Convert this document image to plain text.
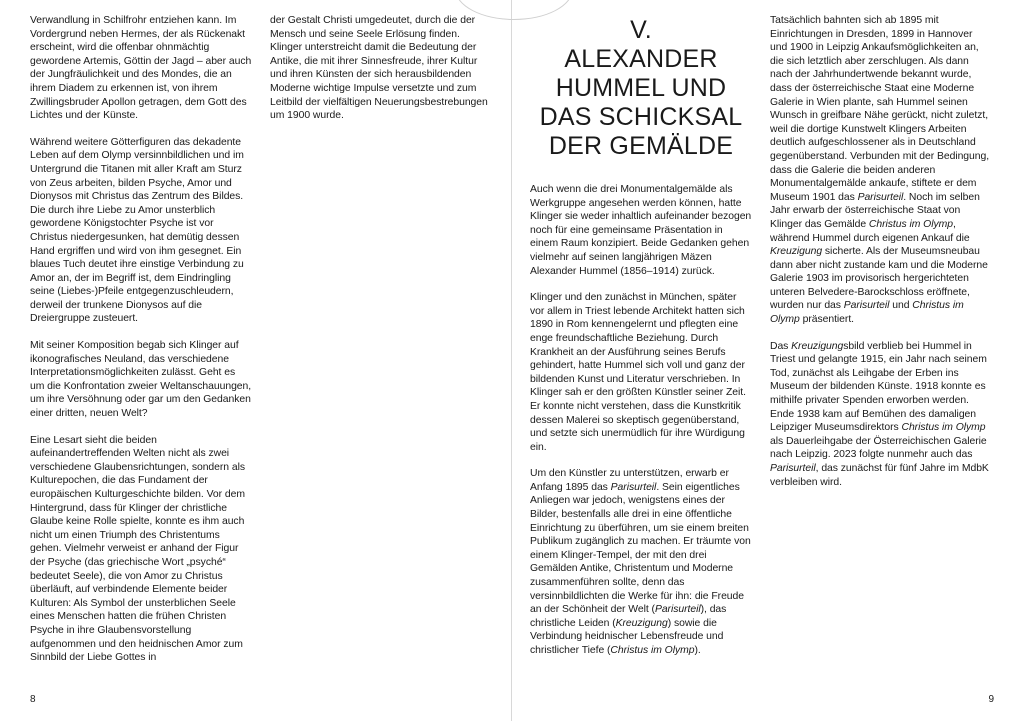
Verwandlung in Schilfrohr entziehen kann. Im Vordergrund neben Hermes, der als Rückenakt erscheint, wird die offenbar ohnmächtig gewordene Artemis, Göttin der Jagd – aber auch der Jungfräulichkeit und des Mondes, die an ihrem Diadem zu erkennen ist, von ihrem Zwillingsbruder Apollon getragen, dem Gott des Lichtes und der Künste.

Während weitere Götterfiguren das dekadente Leben auf dem Olymp versinnbildlichen und im Untergrund die Titanen mit aller Kraft am Sturz von Zeus arbeiten, bilden Psyche, Amor und Dionysos mit Christus das Zentrum des Bildes. Die durch ihre Liebe zu Amor unsterblich gewordene Königstochter Psyche ist vor Christus niedergesunken, hat demütig dessen Hand ergriffen und wird von ihm gesegnet. Ein blaues Tuch deutet ihre einstige Verbindung zu Amor an, der im Begriff ist, dem Eindringling seine (Liebes-)Pfeile entgegenzuschleudern, derweil der trunkene Dionysos auf die Dreiergruppe zusteuert.

Mit seiner Komposition begab sich Klinger auf ikonografisches Neuland, das verschiedene Interpretationsmöglichkeiten zulässt. Geht es um die Konfrontation zweier Weltanschauungen, um ihre Versöhnung oder gar um den Gedanken einer dritten, neuen Welt?

Eine Lesart sieht die beiden aufeinandertreffenden Welten nicht als zwei verschiedene Glaubensrichtungen, sondern als Kulturepochen, die das Fundament der europäischen Kulturgeschichte bilden. Vor dem Hintergrund, dass für Klinger der christliche Glaube keine Rolle spielte, konnte es ihm auch nicht um einen Triumph des Christentums gehen. Vielmehr verweist er anhand der Figur der Psyche (das griechische Wort „psyché“ bedeutet Seele), die von Amor zu Christus überläuft, auf verbindende Elemente beider Kulturen: Als Symbol der unsterblichen Seele eines Menschen hatten die frühen Christen Psyche in ihre Glaubensvorstellung aufgenommen und den heidnischen Amor zum Sinnbild der Liebe Gottes in

der Gestalt Christi umgedeutet, durch die der Mensch und seine Seele Erlösung finden. Klinger unterstreicht damit die Bedeutung der Antike, die mit ihrer Sinnesfreude, ihrer Kultur und ihren Künsten der sich herausbildenden Moderne wichtige Impulse versetzte und zum Leitbild der vielfältigen Neuerungsbestrebungen um 1900 wurde.

8
V.
ALEXANDER HUMMEL UND DAS SCHICKSAL DER GEMÄLDE

Auch wenn die drei Monumentalgemälde als Werkgruppe angesehen werden können, hatte Klinger sie weder inhaltlich aufeinander bezogen noch für eine gemeinsame Präsentation in einem Raum konzipiert. Beide Gedanken gehen vielmehr auf seinen langjährigen Mäzen Alexander Hummel (1856–1914) zurück.

Klinger und den zunächst in München, später vor allem in Triest lebende Architekt hatten sich 1890 in Rom kennengelernt und pflegten eine enge freundschaftliche Beziehung. Durch Krankheit an der Ausführung seines Berufs gehindert, hatte Hummel sich voll und ganz der bildenden Kunst und Literatur verschrieben. In Klinger sah er den größten Künstler seiner Zeit. Er konnte nicht verstehen, dass die Kunstkritik dessen Malerei so skeptisch gegenüberstand, und setzte sich unermüdlich für ihre Würdigung ein.

Um den Künstler zu unterstützen, erwarb er Anfang 1895 das Parisurteil. Sein eigentliches Anliegen war jedoch, wenigstens eines der Bilder, bestenfalls alle drei in eine öffentliche Einrichtung zu überführen, um sie einem breiten Publikum zugänglich zu machen. Er träumte von einem Klinger-Tempel, der mit den drei Gemälden Antike, Christentum und Moderne zusammenführen sollte, denn das versinnbildlichten die Werke für ihn: die Freude an der Schönheit der Welt (Parisurteil), das christliche Leiden (Kreuzigung) sowie die Verbindung heidnischer Lebensfreude und christlicher Tiefe (Christus im Olymp).

Tatsächlich bahnten sich ab 1895 mit Einrichtungen in Dresden, 1899 in Hannover und 1900 in Leipzig Ankaufsmöglichkeiten an, die sich letztlich aber zerschlugen. Als dann nach der Jahrhundertwende bekannt wurde, dass der österreichische Staat eine Moderne Galerie in Wien plante, sah Hummel seinen Wunsch in greifbare Nähe gerückt, nicht zuletzt, weil die dortige Kunstwelt Klingers Arbeiten deutlich aufgeschlossener als in Deutschland gegenüberstand. Verbunden mit der Bedingung, dass die Galerie die beiden anderen Monumentalgemälde ankaufe, stiftete er dem Museum 1901 das Parisurteil. Noch im selben Jahr erwarb der österreichische Staat von Klinger das Gemälde Christus im Olymp, während Hummel durch eigenen Ankauf die Kreuzigung sicherte. Als der Museumsneubau dann aber nicht zustande kam und die Moderne Galerie 1903 im provisorisch hergerichteten unteren Belvedere-Barockschloss eröffnete, wurden nur das Parisurteil und Christus im Olymp präsentiert.

Das Kreuzigungsbild verblieb bei Hummel in Triest und gelangte 1915, ein Jahr nach seinem Tod, zunächst als Leihgabe der Erben ins Museum der bildenden Künste. 1918 konnte es mithilfe privater Spenden erworben werden. Ende 1938 kam auf Bemühen des damaligen Leipziger Museumsdirektors Christus im Olymp als Dauerleihgabe der Österreichischen Galerie nach Leipzig. 2023 folgte nunmehr auch das Parisurteil, das zunächst für fünf Jahre im MdbK verbleiben wird.

9
